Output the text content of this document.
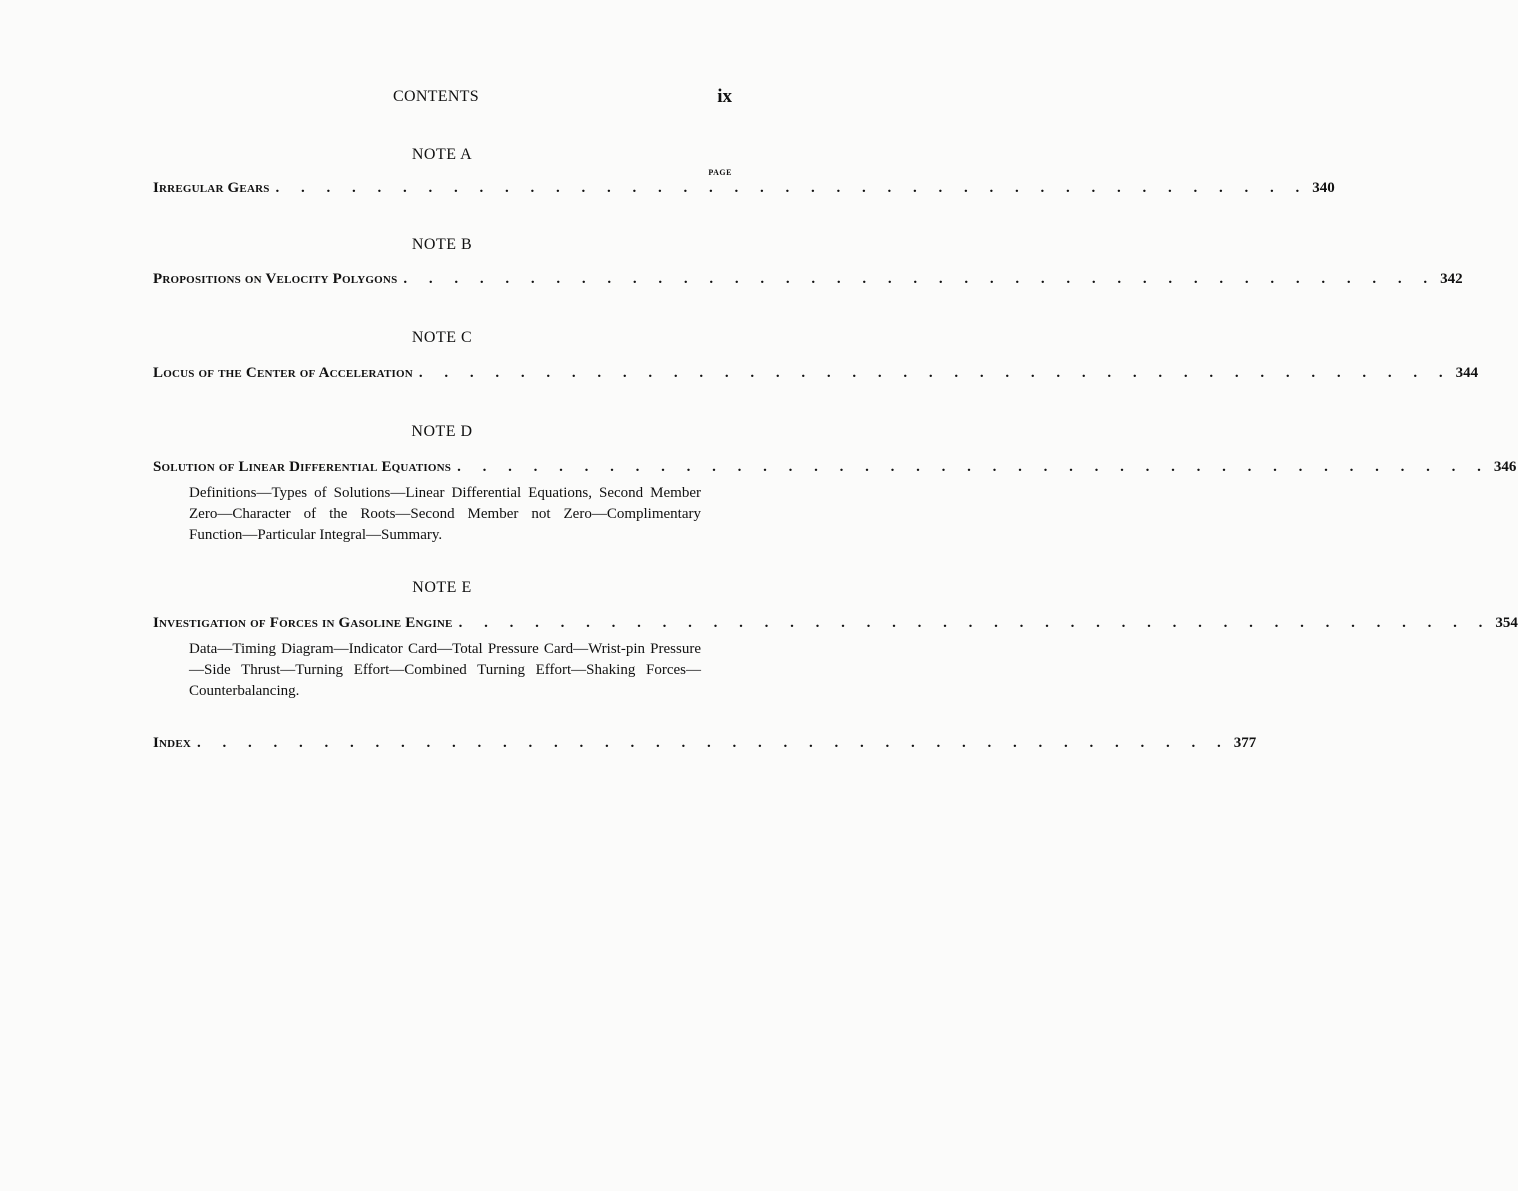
CONTENTS	ix
NOTE A
PAGE
Irregular Gears . . . . . . . . . . . . . . . . . . . . . . . . . . . . . . . . . . . . . . . . . 340
NOTE B
Propositions on Velocity Polygons . . . . . . . . . . . . . . . . . . . . . . . . . . . . . . . . . . . . . . . . . 342
NOTE C
Locus of the Center of Acceleration . . . . . . . . . . . . . . . . . . . . . . . . . . . . . . . . . . . . . . . . . 344
NOTE D
Solution of Linear Differential Equations . . . . . . . . . . . . . . . . . . . . . . . . . . . . . . . . . . . . . . . . . 346
Definitions—Types of Solutions—Linear Differential Equations, Second Member Zero—Character of the Roots—Second Member not Zero—Complimentary Function—Particular Integral—Summary.
NOTE E
Investigation of Forces in Gasoline Engine . . . . . . . . . . . . . . . . . . . . . . . . . . . . . . . . . . . . . . . . . 354
Data—Timing Diagram—Indicator Card—Total Pressure Card—Wrist-pin Pressure—Side Thrust—Turning Effort—Combined Turning Effort—Shaking Forces—Counterbalancing.
Index . . . . . . . . . . . . . . . . . . . . . . . . . . . . . . . . . . . . . . . . . 377
